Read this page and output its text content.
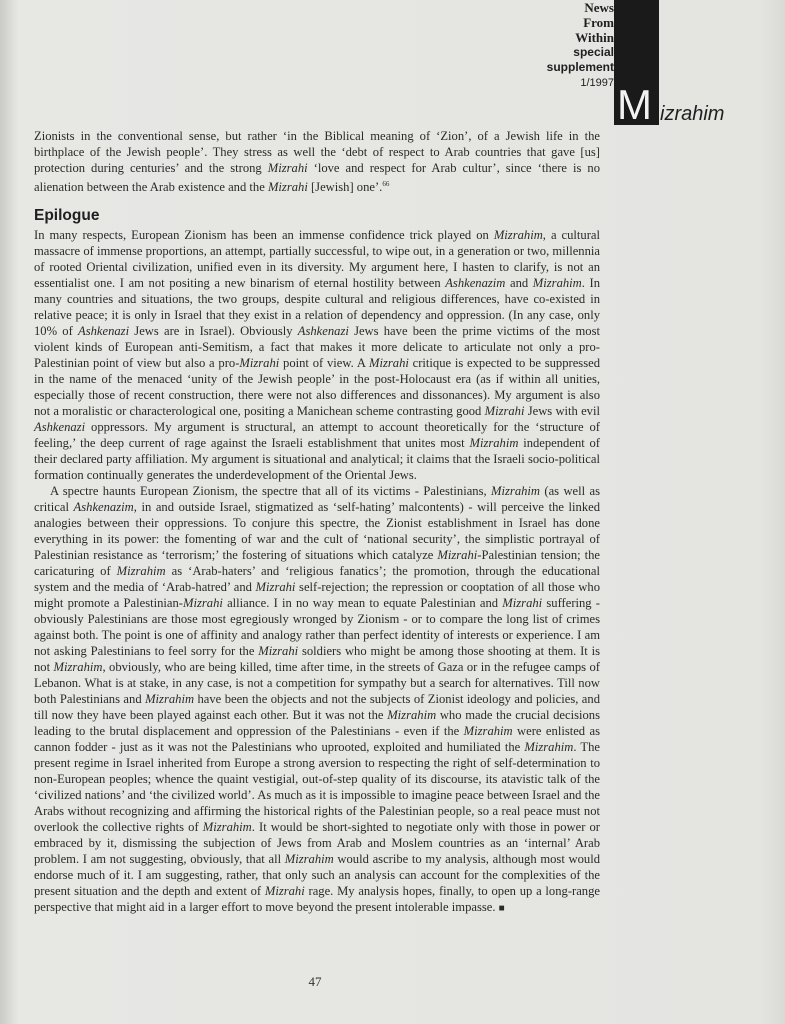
News
From
Within
special
supplement
1/1997 M izrahim

Zionists in the conventional sense, but rather ‘in the Biblical meaning of ‘Zion’, of a Jewish life in the birthplace of the Jewish people’. They stress as well the ‘debt of respect to Arab countries that gave [us] protection during centuries’ and the strong Mizrahi ‘love and respect for Arab cultur’, since ‘there is no alienation between the Arab existence and the Mizrahi [Jewish] one’.$^{66}$

Epilogue

In many respects, European Zionism has been an immense confidence trick played on Mizrahim, a cultural massacre of immense proportions, an attempt, partially successful, to wipe out, in a generation or two, millennia of rooted Oriental civilization, unified even in its diversity. My argument here, I hasten to clarify, is not an essentialist one. I am not positing a new binarism of eternal hostility between Ashkenazim and Mizrahim. In many countries and situations, the two groups, despite cultural and religious differences, have co-existed in relative peace; it is only in Israel that they exist in a relation of dependency and oppression. (In any case, only 10% of Ashkenazi Jews are in Israel). Obviously Ashkenazi Jews have been the prime victims of the most violent kinds of European anti-Semitism, a fact that makes it more delicate to articulate not only a pro-Palestinian point of view but also a pro-Mizrahi point of view. A Mizrahi critique is expected to be suppressed in the name of the menaced ‘unity of the Jewish people’ in the post-Holocaust era (as if within all unities, especially those of recent construction, there were not also differences and dissonances). My argument is also not a moralistic or characterological one, positing a Manichean scheme contrasting good Mizrahi Jews with evil Ashkenazi oppressors. My argument is structural, an attempt to account theoretically for the ‘structure of feeling,’ the deep current of rage against the Israeli establishment that unites most Mizrahim independent of their declared party affiliation. My argument is situational and analytical; it claims that the Israeli socio-political formation continually generates the underdevelopment of the Oriental Jews.

A spectre haunts European Zionism, the spectre that all of its victims - Palestinians, Mizrahim (as well as critical Ashkenazim, in and outside Israel, stigmatized as ‘self-hating’ malcontents) - will perceive the linked analogies between their oppressions. To conjure this spectre, the Zionist establishment in Israel has done everything in its power: the fomenting of war and the cult of ‘national security’, the simplistic portrayal of Palestinian resistance as ‘terrorism;’ the fostering of situations which catalyze Mizrahi-Palestinian tension; the caricaturing of Mizrahim as ‘Arab-haters’ and ‘religious fanatics’; the promotion, through the educational system and the media of ‘Arab-hatred’ and Mizrahi self-rejection; the repression or cooptation of all those who might promote a Palestinian-Mizrahi alliance. I in no way mean to equate Palestinian and Mizrahi suffering - obviously Palestinians are those most egregiously wronged by Zionism - or to compare the long list of crimes against both. The point is one of affinity and analogy rather than perfect identity of interests or experience. I am not asking Palestinians to feel sorry for the Mizrahi soldiers who might be among those shooting at them. It is not Mizrahim, obviously, who are being killed, time after time, in the streets of Gaza or in the refugee camps of Lebanon. What is at stake, in any case, is not a competition for sympathy but a search for alternatives. Till now both Palestinians and Mizrahim have been the objects and not the subjects of Zionist ideology and policies, and till now they have been played against each other. But it was not the Mizrahim who made the crucial decisions leading to the brutal displacement and oppression of the Palestinians - even if the Mizrahim were enlisted as cannon fodder - just as it was not the Palestinians who uprooted, exploited and humiliated the Mizrahim. The present regime in Israel inherited from Europe a strong aversion to respecting the right of self-determination to non-European peoples; whence the quaint vestigial, out-of-step quality of its discourse, its atavistic talk of the ‘civilized nations’ and ‘the civilized world’. As much as it is impossible to imagine peace between Israel and the Arabs without recognizing and affirming the historical rights of the Palestinian people, so a real peace must not overlook the collective rights of Mizrahim. It would be short-sighted to negotiate only with those in power or embraced by it, dismissing the subjection of Jews from Arab and Moslem countries as an ‘internal’ Arab problem. I am not suggesting, obviously, that all Mizrahim would ascribe to my analysis, although most would endorse much of it. I am suggesting, rather, that only such an analysis can account for the complexities of the present situation and the depth and extent of Mizrahi rage. My analysis hopes, finally, to open up a long-range perspective that might aid in a larger effort to move beyond the present intolerable impasse. ■

47
